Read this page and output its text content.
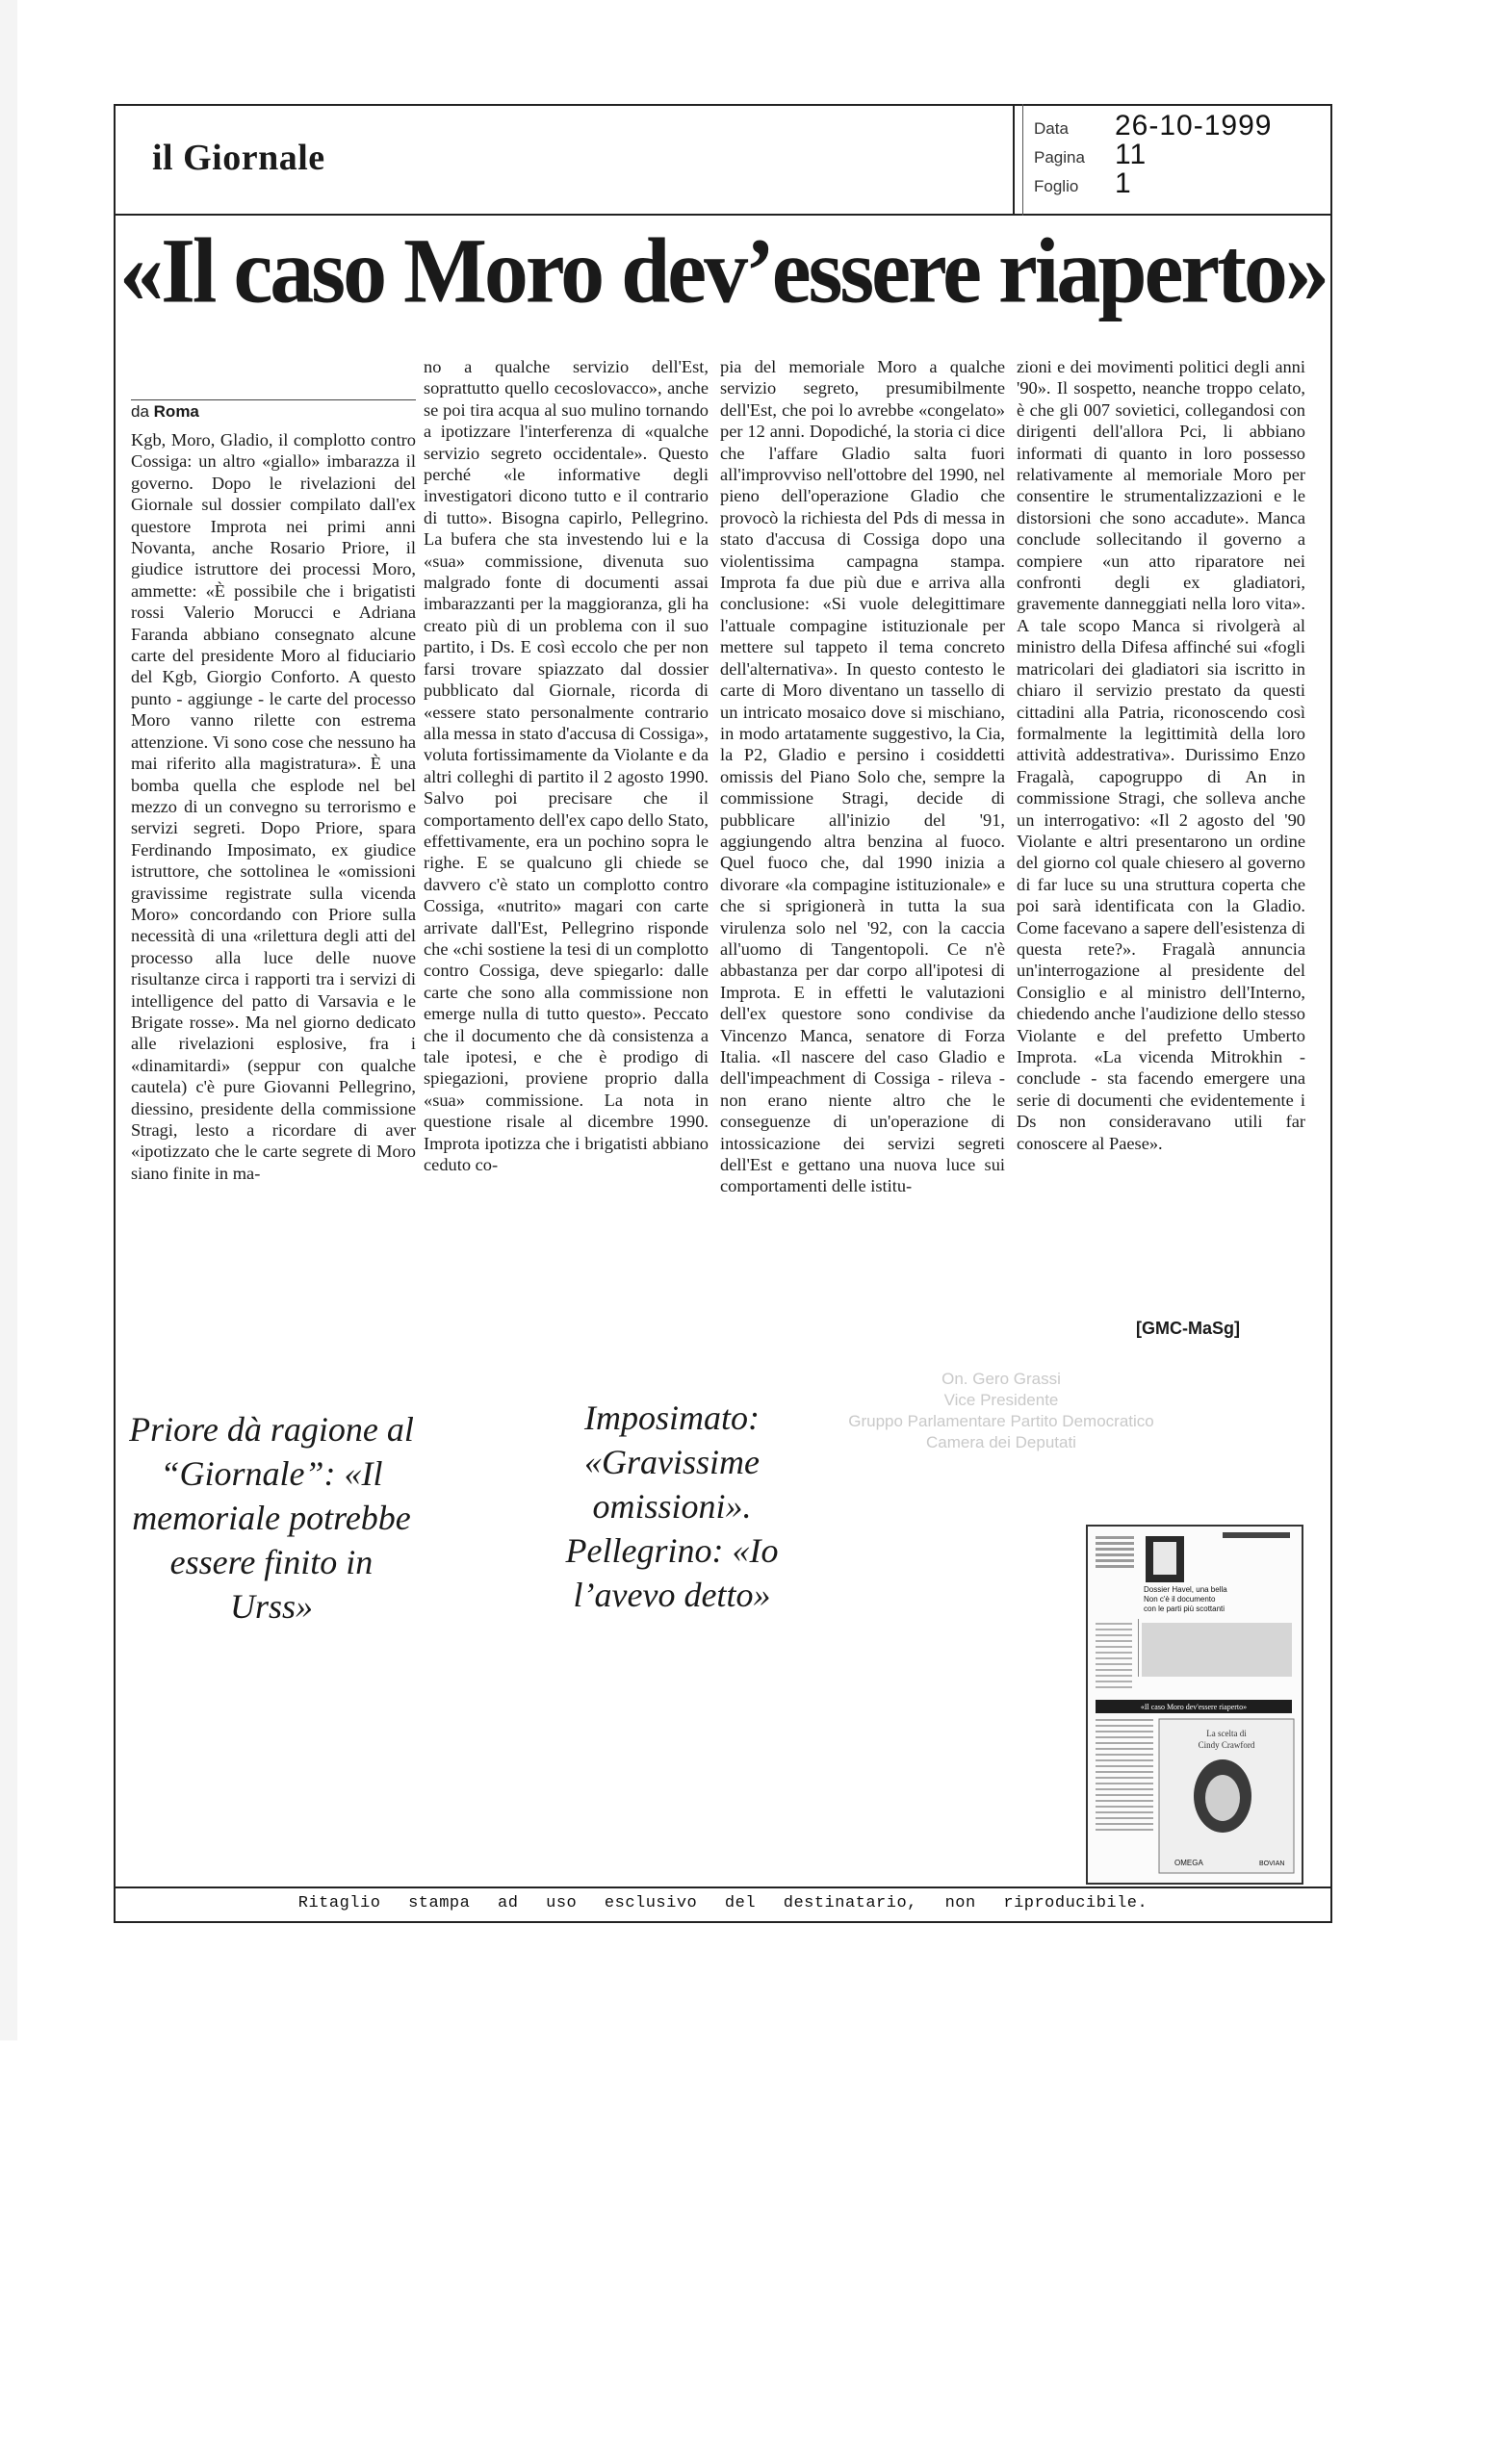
il Giornale
Data 26-10-1999
Pagina 11
Foglio 1
«Il caso Moro dev’essere riaperto»
da Roma

Kgb, Moro, Gladio, il complotto contro Cossiga: un altro «giallo» imbarazza il governo. Dopo le rivelazioni del Giornale sul dossier compilato dall'ex questore Improta nei primi anni Novanta, anche Rosario Priore, il giudice istruttore dei processi Moro, ammette: «È possibile che i brigatisti rossi Valerio Morucci e Adriana Faranda abbiano consegnato alcune carte del presidente Moro al fiduciario del Kgb, Giorgio Conforto. A questo punto - aggiunge - le carte del processo Moro vanno rilette con estrema attenzione. Vi sono cose che nessuno ha mai riferito alla magistratura». È una bomba quella che esplode nel bel mezzo di un convegno su terrorismo e servizi segreti. Dopo Priore, spara Ferdinando Imposimato, ex giudice istruttore, che sottolinea le «omissioni gravissime registrate sulla vicenda Moro» concordando con Priore sulla necessità di una «rilettura degli atti del processo alla luce delle nuove risultanze circa i rapporti tra i servizi di intelligence del patto di Varsavia e le Brigate rosse». Ma nel giorno dedicato alle rivelazioni esplosive, fra i «dinamitardi» (seppur con qualche cautela) c'è pure Giovanni Pellegrino, diessino, presidente della commissione Stragi, lesto a ricordare di aver «ipotizzato che le carte segrete di Moro siano finite in ma-

no a qualche servizio dell'Est, soprattutto quello cecoslovacco», anche se poi tira acqua al suo mulino tornando a ipotizzare l'interferenza di «qualche servizio segreto occidentale». Questo perché «le informative degli investigatori dicono tutto e il contrario di tutto». Bisogna capirlo, Pellegrino. La bufera che sta investendo lui e la «sua» commissione, divenuta suo malgrado fonte di documenti assai imbarazzanti per la maggioranza, gli ha creato più di un problema con il suo partito, i Ds. E così eccolo che per non farsi trovare spiazzato dal dossier pubblicato dal Giornale, ricorda di «essere stato personalmente contrario alla messa in stato d'accusa di Cossiga», voluta fortissimamente da Violante e da altri colleghi di partito il 2 agosto 1990. Salvo poi precisare che il comportamento dell'ex capo dello Stato, effettivamente, era un pochino sopra le righe. E se qualcuno gli chiede se davvero c'è stato un complotto contro Cossiga, «nutrito» magari con carte arrivate dall'Est, Pellegrino risponde che «chi sostiene la tesi di un complotto contro Cossiga, deve spiegarlo: dalle carte che sono alla commissione non emerge nulla di tutto questo». Peccato che il documento che dà consistenza a tale ipotesi, e che è prodigo di spiegazioni, proviene proprio dalla «sua» commissione. La nota in questione risale al dicembre 1990. Improta ipotizza che i brigatisti abbiano ceduto co-

pia del memoriale Moro a qualche servizio segreto, presumibilmente dell'Est, che poi lo avrebbe «congelato» per 12 anni. Dopodiché, la storia ci dice che l'affare Gladio salta fuori all'improvviso nell'ottobre del 1990, nel pieno dell'operazione Gladio che provocò la richiesta del Pds di messa in stato d'accusa di Cossiga dopo una violentissima campagna stampa. Improta fa due più due e arriva alla conclusione: «Si vuole delegittimare l'attuale compagine istituzionale per mettere sul tappeto il tema concreto dell'alternativa». In questo contesto le carte di Moro diventano un tassello di un intricato mosaico dove si mischiano, in modo artatamente suggestivo, la Cia, la P2, Gladio e persino i cosiddetti omissis del Piano Solo che, sempre la commissione Stragi, decide di pubblicare all'inizio del '91, aggiungendo altra benzina al fuoco. Quel fuoco che, dal 1990 inizia a divorare «la compagine istituzionale» e che si sprigionerà in tutta la sua virulenza solo nel '92, con la caccia all'uomo di Tangentopoli. Ce n'è abbastanza per dar corpo all'ipotesi di Improta. E in effetti le valutazioni dell'ex questore sono condivise da Vincenzo Manca, senatore di Forza Italia. «Il nascere del caso Gladio e dell'impeachment di Cossiga - rileva - non erano niente altro che le conseguenze di un'operazione di intossicazione dei servizi segreti dell'Est e gettano una nuova luce sui comportamenti delle istitu-

zioni e dei movimenti politici degli anni '90». Il sospetto, neanche troppo celato, è che gli 007 sovietici, collegandosi con dirigenti dell'allora Pci, li abbiano informati di quanto in loro possesso relativamente al memoriale Moro per consentire le strumentalizzazioni e le distorsioni che sono accadute». Manca conclude sollecitando il governo a compiere «un atto riparatore nei confronti degli ex gladiatori, gravemente danneggiati nella loro vita». A tale scopo Manca si rivolgerà al ministro della Difesa affinché sui «fogli matricolari dei gladiatori sia iscritto in chiaro il servizio prestato da questi cittadini alla Patria, riconoscendo così formalmente la legittimità della loro attività addestrativa». Durissimo Enzo Fragalà, capogruppo di An in commissione Stragi, che solleva anche un interrogativo: «Il 2 agosto del '90 Violante e altri presentarono un ordine del giorno col quale chiesero al governo di far luce su una struttura coperta che poi sarà identificata con la Gladio. Come facevano a sapere dell'esistenza di questa rete?». Fragalà annuncia un'interrogazione al presidente del Consiglio e al ministro dell'Interno, chiedendo anche l'audizione dello stesso Violante e del prefetto Umberto Improta. «La vicenda Mitrokhin - conclude - sta facendo emergere una serie di documenti che evidentemente i Ds non consideravano utili far conoscere al Paese».

[GMC-MaSg]
Priore dà ragione al “Giornale”: «Il memoriale potrebbe essere finito in Urss»
Imposimato: «Gravissime omissioni». Pellegrino: «Io l’avevo detto»
On. Gero Grassi
Vice Presidente
Gruppo Parlamentare Partito Democratico
Camera dei Deputati
Dossier Havel, una bella
Non c'è il documento
con le parti più scottanti
«Il caso Moro dev'essere riaperto»
La scelta di
Cindy Crawford
OMEGA	BOVIAN
Ritaglio stampa ad uso esclusivo del destinatario, non riproducibile.
